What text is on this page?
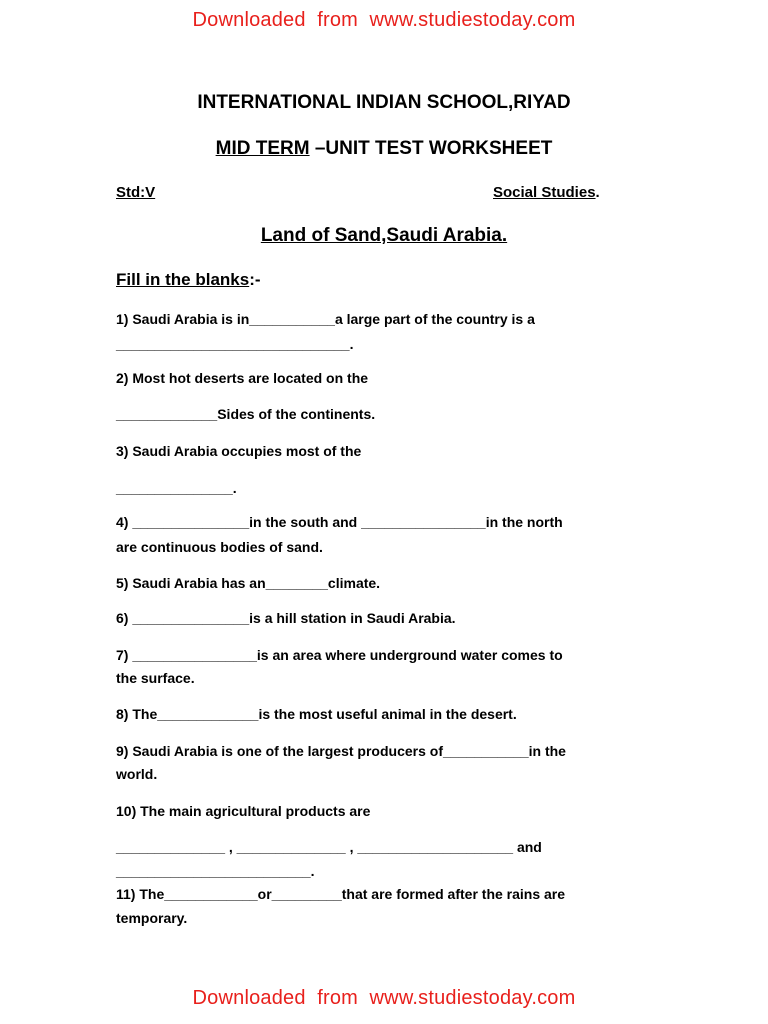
Downloaded  from  www.studiestoday.com
INTERNATIONAL INDIAN SCHOOL,RIYAD
MID TERM –UNIT TEST WORKSHEET
Std:V	Social Studies.
Land of Sand,Saudi Arabia.
Fill in the blanks:-
1) Saudi Arabia is in___________a large part of the country is a
______________________________.
2) Most hot deserts are located on the
_____________Sides of the continents.
3) Saudi Arabia occupies most of the
_______________.
4) _______________in the south and ________________in the north
are continuous bodies of sand.
5) Saudi Arabia has an________climate.
6) _______________is a hill station in Saudi Arabia.
7) ________________is an area where underground water comes to
the surface.
8) The_____________is the most useful animal in the desert.
9) Saudi Arabia is one of the largest producers of___________in the
world.
10) The main agricultural products are
______________ , ______________ , ____________________ and
_________________________.
11) The____________or_________that are formed after the rains are
temporary.
Downloaded  from  www.studiestoday.com
